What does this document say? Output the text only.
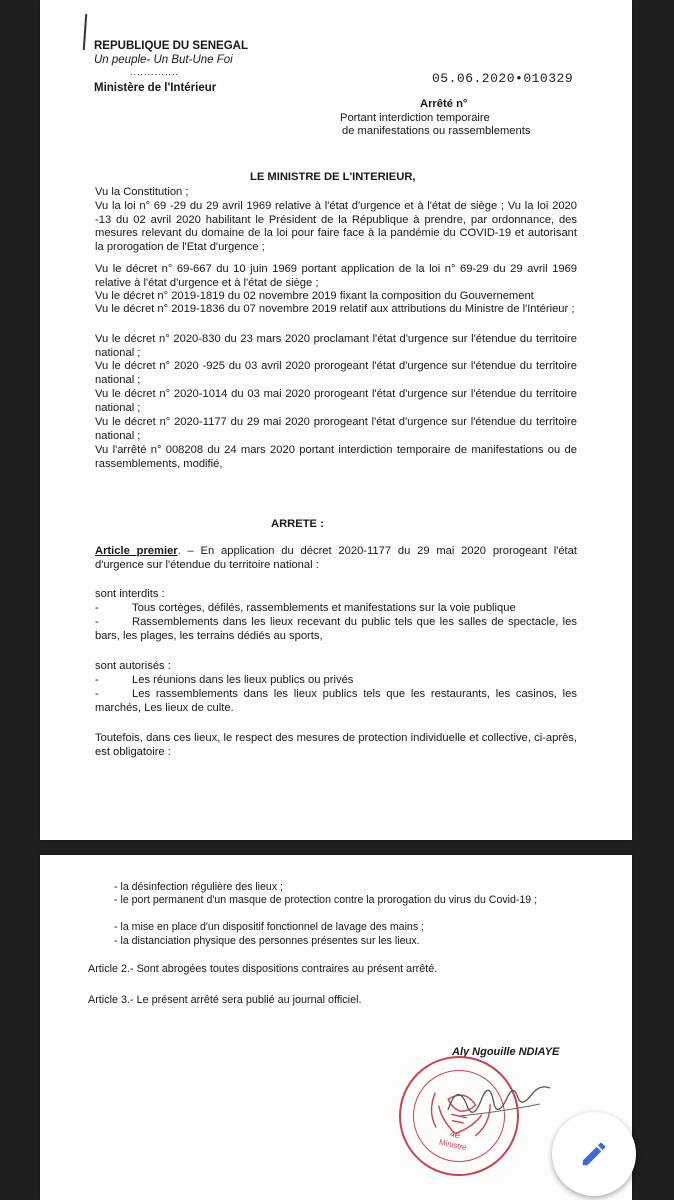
REPUBLIQUE DU SENEGAL
Un peuple- Un But-Une Foi
..............
Ministère de l'Intérieur
05.06.2020•010329
Arrêté n°
Portant interdiction temporaire
de manifestations ou rassemblements
LE MINISTRE DE L'INTERIEUR,
Vu la Constitution ;
Vu la loi n° 69 -29 du 29 avril 1969 relative à l'état d'urgence et à l'état de siège ; Vu la loi 2020 -13 du 02 avril 2020 habilitant le Président de la République à prendre, par ordonnance, des mesures relevant du domaine de la loi pour faire face à la pandémie du COVID-19 et autorisant la prorogation de l'Etat d'urgence ;
Vu le décret n° 69-667 du 10 juin 1969 portant application de la loi n° 69-29 du 29 avril 1969 relative à l'état d'urgence et à l'état de siège ;
Vu le décret n° 2019-1819 du 02 novembre 2019 fixant la composition du Gouvernement
Vu le décret n° 2019-1836 du 07 novembre 2019 relatif aux attributions du Ministre de l'Intérieur ;
Vu le décret n° 2020-830 du 23 mars 2020 proclamant l'état d'urgence sur l'étendue du territoire national ;
Vu le décret n° 2020 -925 du 03 avril 2020 prorogeant l'état d'urgence sur l'étendue du territoire national ;
Vu le décret n° 2020-1014 du 03 mai 2020 prorogeant l'état d'urgence sur l'étendue du territoire national ;
Vu le décret n° 2020-1177 du 29 mai 2020 prorogeant l'état d'urgence sur l'étendue du territoire national ;
Vu l'arrêté n° 008208 du 24 mars 2020 portant interdiction temporaire de manifestations ou de rassemblements, modifié,
ARRETE :
Article premier. – En application du décret 2020-1177 du 29 mai 2020 prorogeant l'état d'urgence sur l'étendue du territoire national :
sont interdits :
-	Tous cortèges, défilés, rassemblements et manifestations sur la voie publique
-	Rassemblements dans les lieux recevant du public tels que les salles de spectacle, les bars, les plages, les terrains dédiés au sports,
sont autorisés :
-	Les réunions dans les lieux publics ou privés
-	Les rassemblements dans les lieux publics tels que les restaurants, les casinos, les marchés, Les lieux de culte.
Toutefois, dans ces lieux, le respect des mesures de protection individuelle et collective, ci-après, est obligatoire :
- la désinfection régulière des lieux ;
- le port permanent d'un masque de protection contre la prorogation du virus du Covid-19 ;
- la mise en place d'un dispositif fonctionnel de lavage des mains ;
- la distanciation physique des personnes présentes sur les lieux.
Article 2.- Sont abrogées toutes dispositions contraires au présent arrêté.
Article 3.- Le présent arrêté sera publié au journal officiel.
Aly Ngouille NDIAYE
4e
Ministre
